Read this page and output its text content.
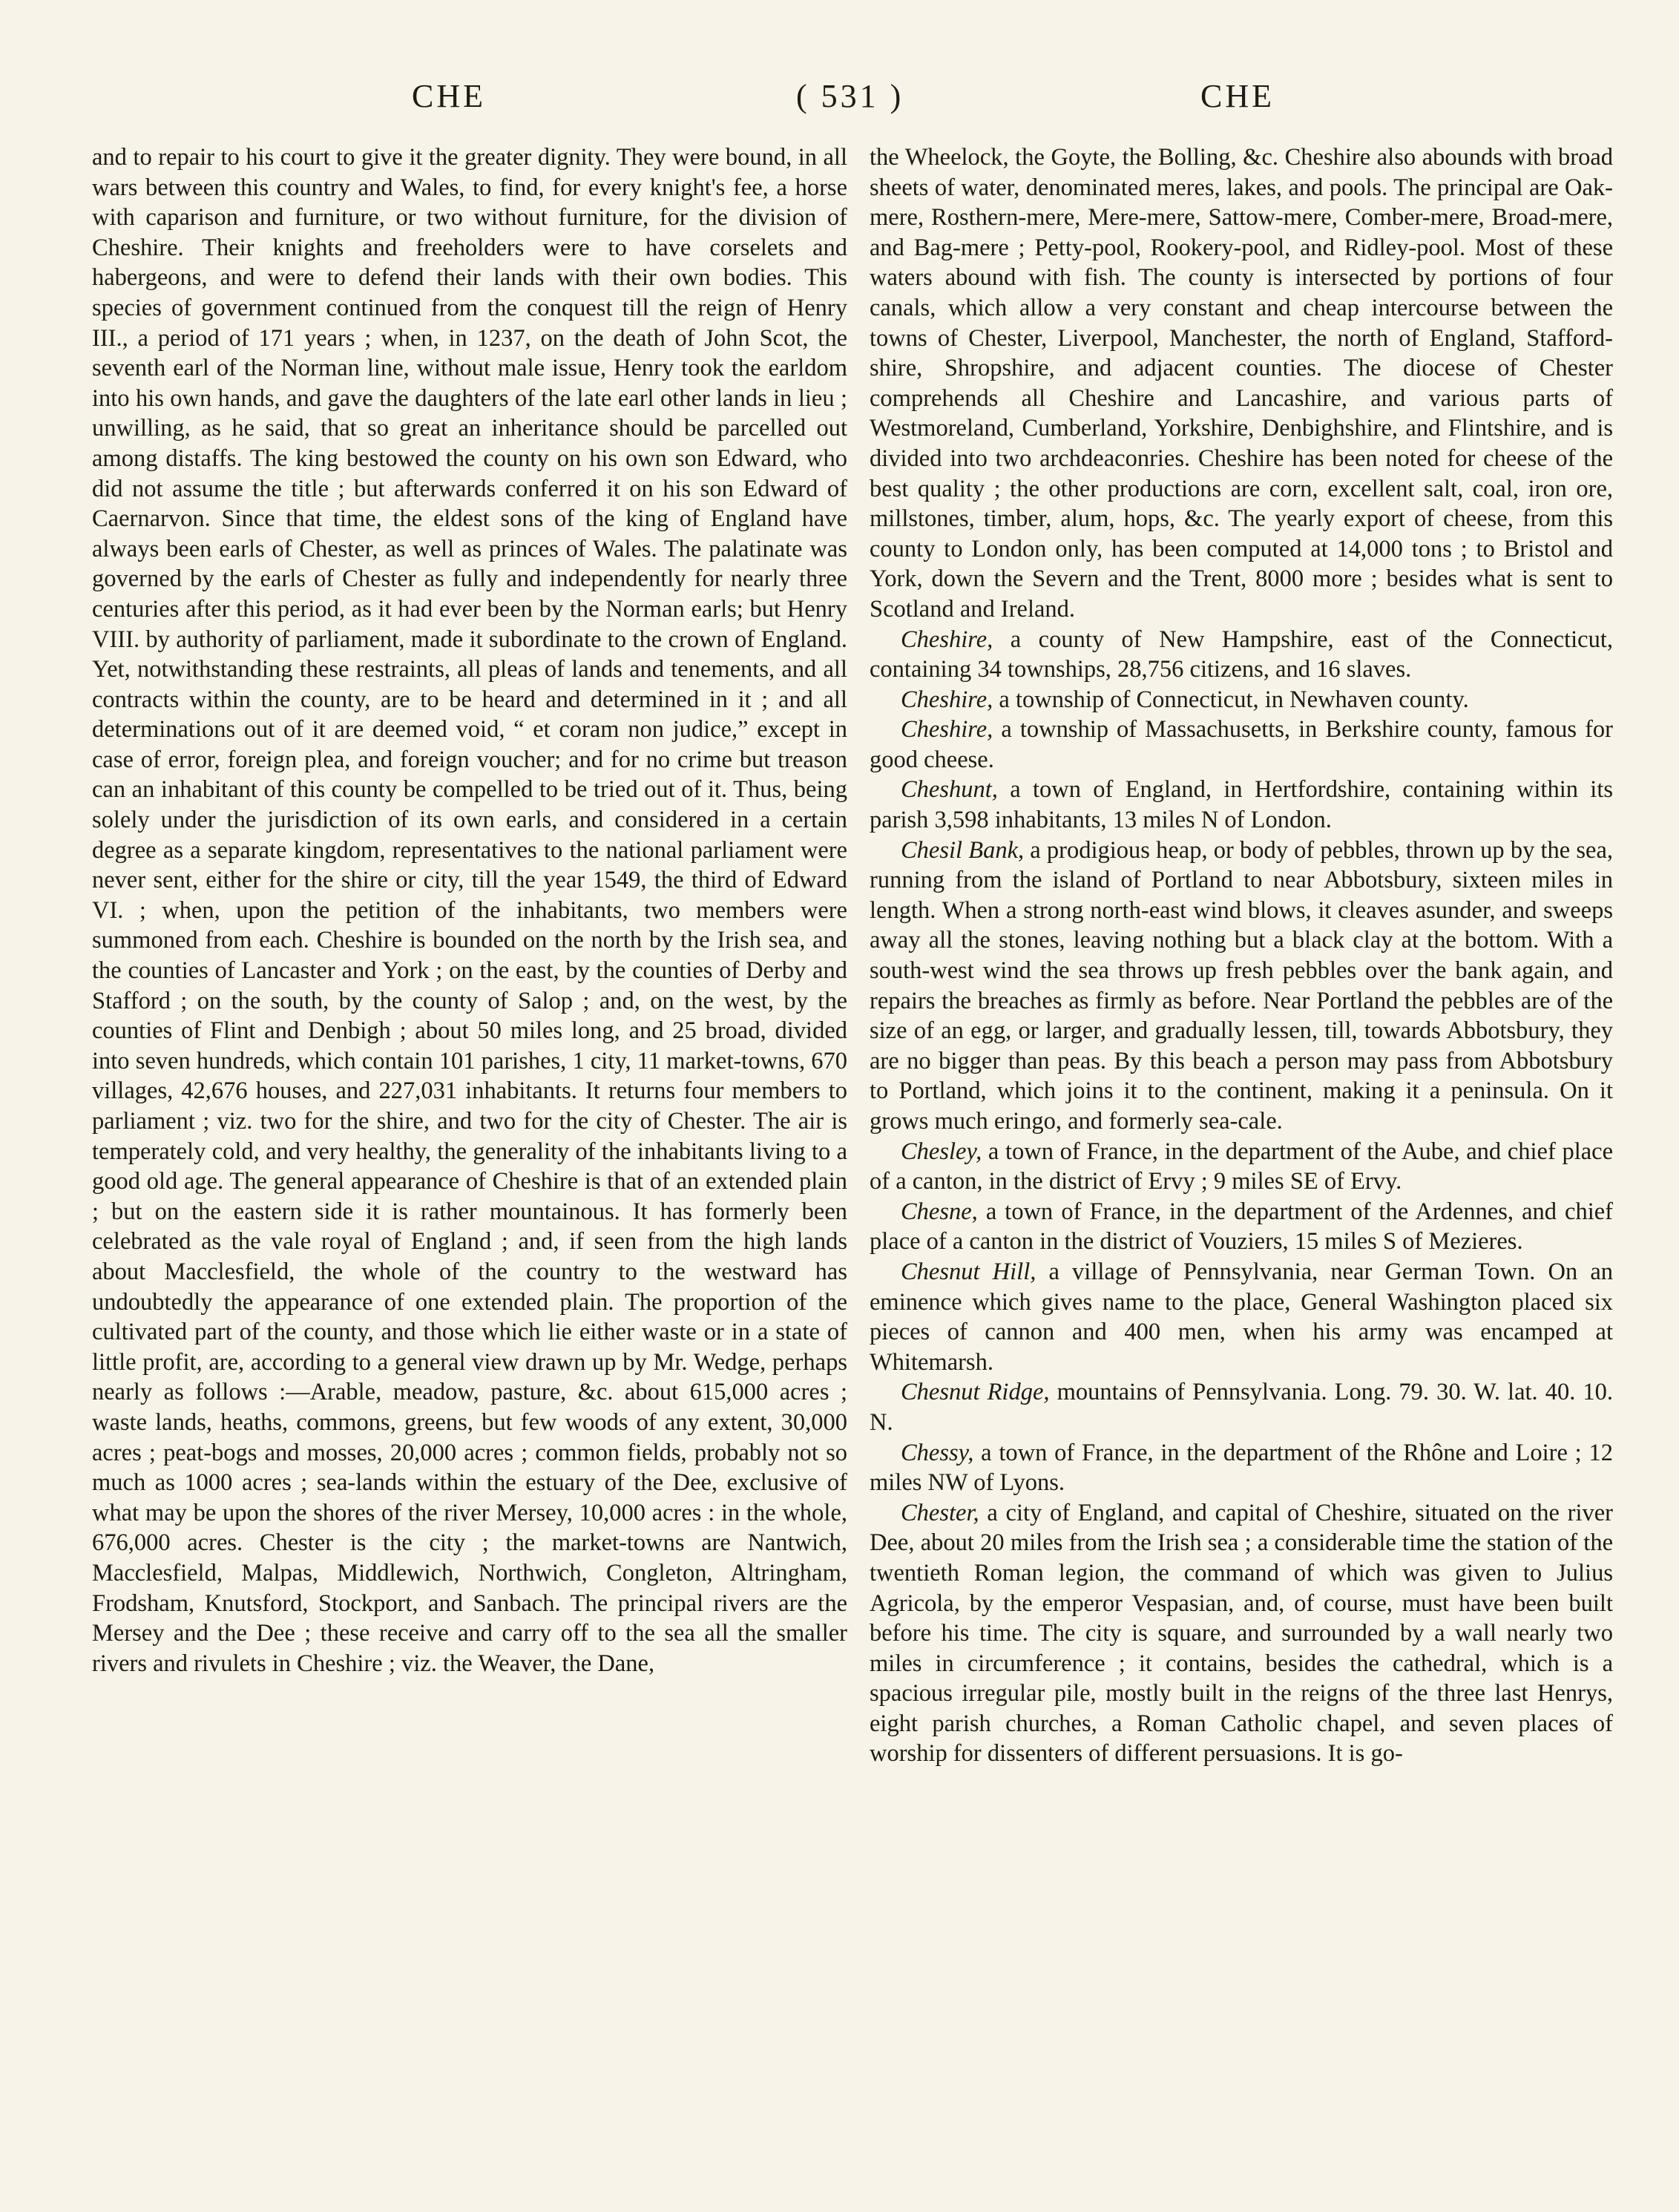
CHE	( 531 )	CHE

and to repair to his court to give it the greater dignity. They were bound, in all wars between this country and Wales, to find, for every knight's fee, a horse with caparison and furniture, or two without furniture, for the division of Cheshire. Their knights and freeholders were to have corselets and habergeons, and were to defend their lands with their own bodies. This species of government continued from the conquest till the reign of Henry III., a period of 171 years ; when, in 1237, on the death of John Scot, the seventh earl of the Norman line, without male issue, Henry took the earldom into his own hands, and gave the daughters of the late earl other lands in lieu ; unwilling, as he said, that so great an inheritance should be parcelled out among distaffs. The king bestowed the county on his own son Edward, who did not assume the title ; but afterwards conferred it on his son Edward of Caernarvon. Since that time, the eldest sons of the king of England have always been earls of Chester, as well as princes of Wales. The palatinate was governed by the earls of Chester as fully and independently for nearly three centuries after this period, as it had ever been by the Norman earls; but Henry VIII. by authority of parliament, made it subordinate to the crown of England. Yet, notwithstanding these restraints, all pleas of lands and tenements, and all contracts within the county, are to be heard and determined in it ; and all determinations out of it are deemed void, “ et coram non judice,” except in case of error, foreign plea, and foreign voucher; and for no crime but treason can an inhabitant of this county be compelled to be tried out of it. Thus, being solely under the jurisdiction of its own earls, and considered in a certain degree as a separate kingdom, representatives to the national parliament were never sent, either for the shire or city, till the year 1549, the third of Edward VI. ; when, upon the petition of the inhabitants, two members were summoned from each. Cheshire is bounded on the north by the Irish sea, and the counties of Lancaster and York ; on the east, by the counties of Derby and Stafford ; on the south, by the county of Salop ; and, on the west, by the counties of Flint and Denbigh ; about 50 miles long, and 25 broad, divided into seven hundreds, which contain 101 parishes, 1 city, 11 market-towns, 670 villages, 42,676 houses, and 227,031 inhabitants. It returns four members to parliament ; viz. two for the shire, and two for the city of Chester. The air is temperately cold, and very healthy, the generality of the inhabitants living to a good old age. The general appearance of Cheshire is that of an extended plain ; but on the eastern side it is rather mountainous. It has formerly been celebrated as the vale royal of England ; and, if seen from the high lands about Macclesfield, the whole of the country to the westward has undoubtedly the appearance of one extended plain. The proportion of the cultivated part of the county, and those which lie either waste or in a state of little profit, are, according to a general view drawn up by Mr. Wedge, perhaps nearly as follows :—Arable, meadow, pasture, &c. about 615,000 acres ; waste lands, heaths, commons, greens, but few woods of any extent, 30,000 acres ; peat-bogs and mosses, 20,000 acres ; common fields, probably not so much as 1000 acres ; sea-lands within the estuary of the Dee, exclusive of what may be upon the shores of the river Mersey, 10,000 acres : in the whole, 676,000 acres. Chester is the city ; the market-towns are Nantwich, Macclesfield, Malpas, Middlewich, Northwich, Congleton, Altringham, Frodsham, Knutsford, Stockport, and Sanbach. The principal rivers are the Mersey and the Dee ; these receive and carry off to the sea all the smaller rivers and rivulets in Cheshire ; viz. the Weaver, the Dane,

the Wheelock, the Goyte, the Bolling, &c. Cheshire also abounds with broad sheets of water, denominated meres, lakes, and pools. The principal are Oak-mere, Rosthern-mere, Mere-mere, Sattow-mere, Comber-mere, Broad-mere, and Bag-mere ; Petty-pool, Rookery-pool, and Ridley-pool. Most of these waters abound with fish. The county is intersected by portions of four canals, which allow a very constant and cheap intercourse between the towns of Chester, Liverpool, Manchester, the north of England, Stafford-shire, Shropshire, and adjacent counties. The diocese of Chester comprehends all Cheshire and Lancashire, and various parts of Westmoreland, Cumberland, Yorkshire, Denbighshire, and Flintshire, and is divided into two archdeaconries. Cheshire has been noted for cheese of the best quality ; the other productions are corn, excellent salt, coal, iron ore, millstones, timber, alum, hops, &c. The yearly export of cheese, from this county to London only, has been computed at 14,000 tons ; to Bristol and York, down the Severn and the Trent, 8000 more ; besides what is sent to Scotland and Ireland.

Cheshire, a county of New Hampshire, east of the Connecticut, containing 34 townships, 28,756 citizens, and 16 slaves.

Cheshire, a township of Connecticut, in Newhaven county.

Cheshire, a township of Massachusetts, in Berkshire county, famous for good cheese.

Cheshunt, a town of England, in Hertfordshire, containing within its parish 3,598 inhabitants, 13 miles N of London.

Chesil Bank, a prodigious heap, or body of pebbles, thrown up by the sea, running from the island of Portland to near Abbotsbury, sixteen miles in length. When a strong north-east wind blows, it cleaves asunder, and sweeps away all the stones, leaving nothing but a black clay at the bottom. With a south-west wind the sea throws up fresh pebbles over the bank again, and repairs the breaches as firmly as before. Near Portland the pebbles are of the size of an egg, or larger, and gradually lessen, till, towards Abbotsbury, they are no bigger than peas. By this beach a person may pass from Abbotsbury to Portland, which joins it to the continent, making it a peninsula. On it grows much eringo, and formerly sea-cale.

Chesley, a town of France, in the department of the Aube, and chief place of a canton, in the district of Ervy ; 9 miles SE of Ervy.

Chesne, a town of France, in the department of the Ardennes, and chief place of a canton in the district of Vouziers, 15 miles S of Mezieres.

Chesnut Hill, a village of Pennsylvania, near German Town. On an eminence which gives name to the place, General Washington placed six pieces of cannon and 400 men, when his army was encamped at Whitemarsh.

Chesnut Ridge, mountains of Pennsylvania. Long. 79. 30. W. lat. 40. 10. N.

Chessy, a town of France, in the department of the Rhône and Loire ; 12 miles NW of Lyons.

Chester, a city of England, and capital of Cheshire, situated on the river Dee, about 20 miles from the Irish sea ; a considerable time the station of the twentieth Roman legion, the command of which was given to Julius Agricola, by the emperor Vespasian, and, of course, must have been built before his time. The city is square, and surrounded by a wall nearly two miles in circumference ; it contains, besides the cathedral, which is a spacious irregular pile, mostly built in the reigns of the three last Henrys, eight parish churches, a Roman Catholic chapel, and seven places of worship for dissenters of different persuasions. It is go-
